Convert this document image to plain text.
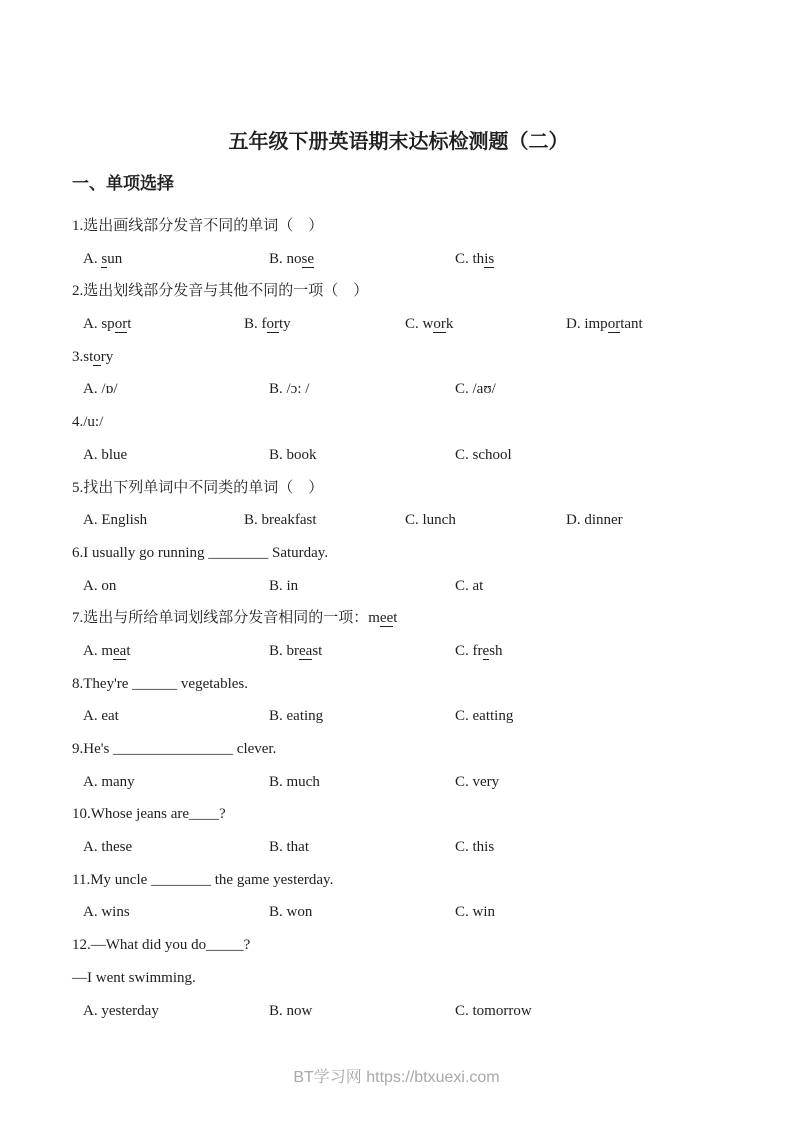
五年级下册英语期末达标检测题（二）
一、单项选择
1.选出画线部分发音不同的单词（　）
A. sun	B. nose	C. this
2.选出划线部分发音与其他不同的一项（　）
A. sport	B. forty	C. work	D. important
3.story
A. /ɒ/	B. /ɔ: /	C. /aʊ/
4./u:/
A. blue	B. book	C. school
5.找出下列单词中不同类的单词（　）
A. English	B. breakfast	C. lunch	D. dinner
6.I usually go running ________ Saturday.
A. on	B. in	C. at
7.选出与所给单词划线部分发音相同的一项：meet
A. meat	B. breast	C. fresh
8.They're ______ vegetables.
A. eat	B. eating	C. eatting
9.He's ________________ clever.
A. many	B. much	C. very
10.Whose jeans are____?
A. these	B. that	C. this
11.My uncle ________ the game yesterday.
A. wins	B. won	C. win
12.—What did you do_____?
—I went swimming.
A. yesterday	B. now	C. tomorrow
BT学习网 https://btxuexi.com
